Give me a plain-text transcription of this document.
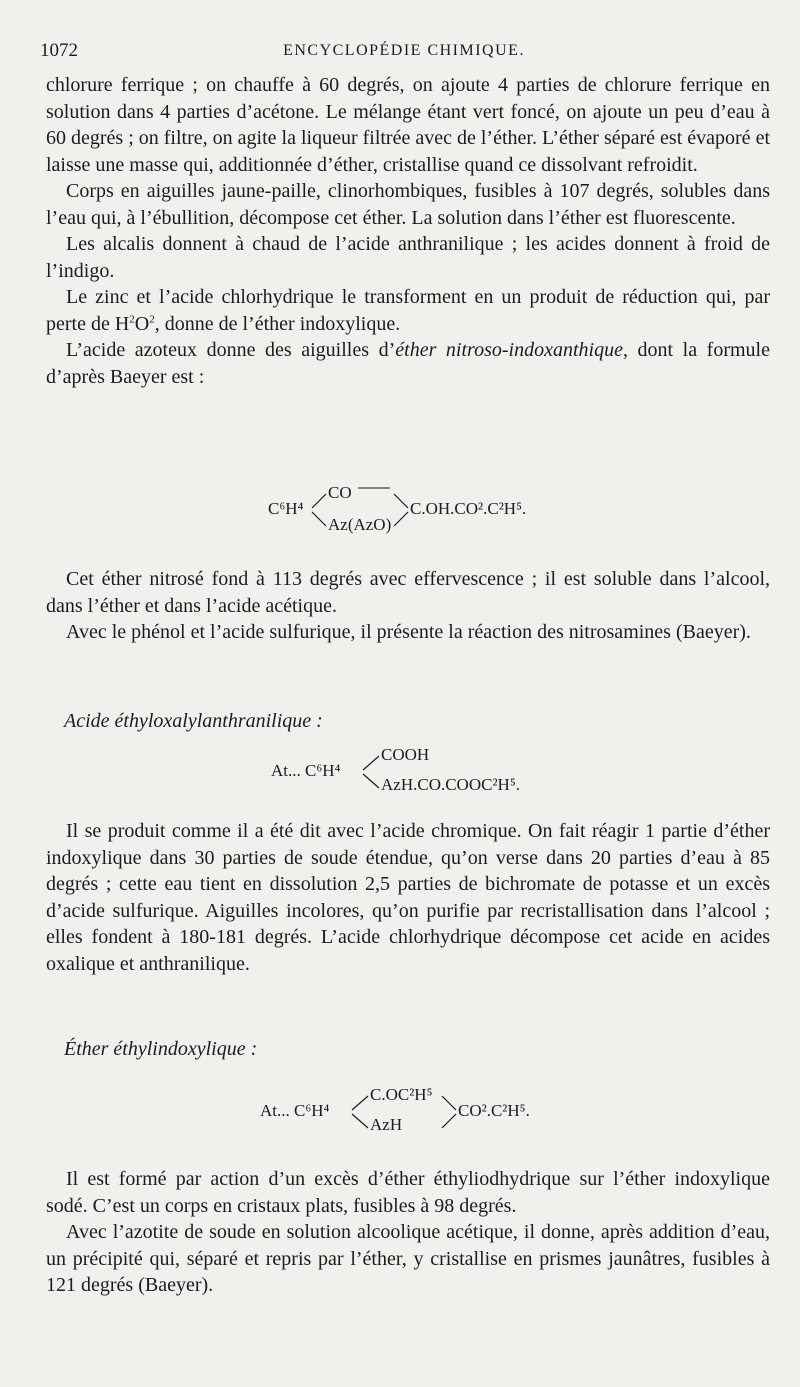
1072	ENCYCLOPÉDIE CHIMIQUE.

chlorure ferrique ; on chauffe à 60 degrés, on ajoute 4 parties de chlorure ferrique en solution dans 4 parties d’acétone. Le mélange étant vert foncé, on ajoute un peu d’eau à 60 degrés ; on filtre, on agite la liqueur filtrée avec de l’éther. L’éther séparé est évaporé et laisse une masse qui, additionnée d’éther, cristallise quand ce dissolvant refroidit.

Corps en aiguilles jaune-paille, clinorhombiques, fusibles à 107 degrés, solubles dans l’eau qui, à l’ébullition, décompose cet éther. La solution dans l’éther est fluorescente.

Les alcalis donnent à chaud de l’acide anthranilique ; les acides donnent à froid de l’indigo.

Le zinc et l’acide chlorhydrique le transforment en un produit de réduction qui, par perte de $H^2O^2$, donne de l’éther indoxylique.

L’acide azoteux donne des aiguilles d’éther nitroso-indoxanthique, dont la formule d’après Baeyer est :

C⁶H⁴
CO
Az(AzO)
C.OH.CO².C²H⁵.

Cet éther nitrosé fond à 113 degrés avec effervescence ; il est soluble dans l’alcool, dans l’éther et dans l’acide acétique.

Avec le phénol et l’acide sulfurique, il présente la réaction des nitrosamines (Baeyer).

Acide éthyloxalylanthranilique :
At... C⁶H⁴
COOH
AzH.CO.COOC²H⁵.

Il se produit comme il a été dit avec l’acide chromique. On fait réagir 1 partie d’éther indoxylique dans 30 parties de soude étendue, qu’on verse dans 20 parties d’eau à 85 degrés ; cette eau tient en dissolution 2,5 parties de bichromate de potasse et un excès d’acide sulfurique. Aiguilles incolores, qu’on purifie par recristallisation dans l’alcool ; elles fondent à 180-181 degrés. L’acide chlorhydrique décompose cet acide en acides oxalique et anthranilique.

Éther éthylindoxylique :
At... C⁶H⁴
C.OC²H⁵
AzH
CO².C²H⁵.

Il est formé par action d’un excès d’éther éthyliodhydrique sur l’éther indoxylique sodé. C’est un corps en cristaux plats, fusibles à 98 degrés.

Avec l’azotite de soude en solution alcoolique acétique, il donne, après addition d’eau, un précipité qui, séparé et repris par l’éther, y cristallise en prismes jaunâtres, fusibles à 121 degrés (Baeyer).
